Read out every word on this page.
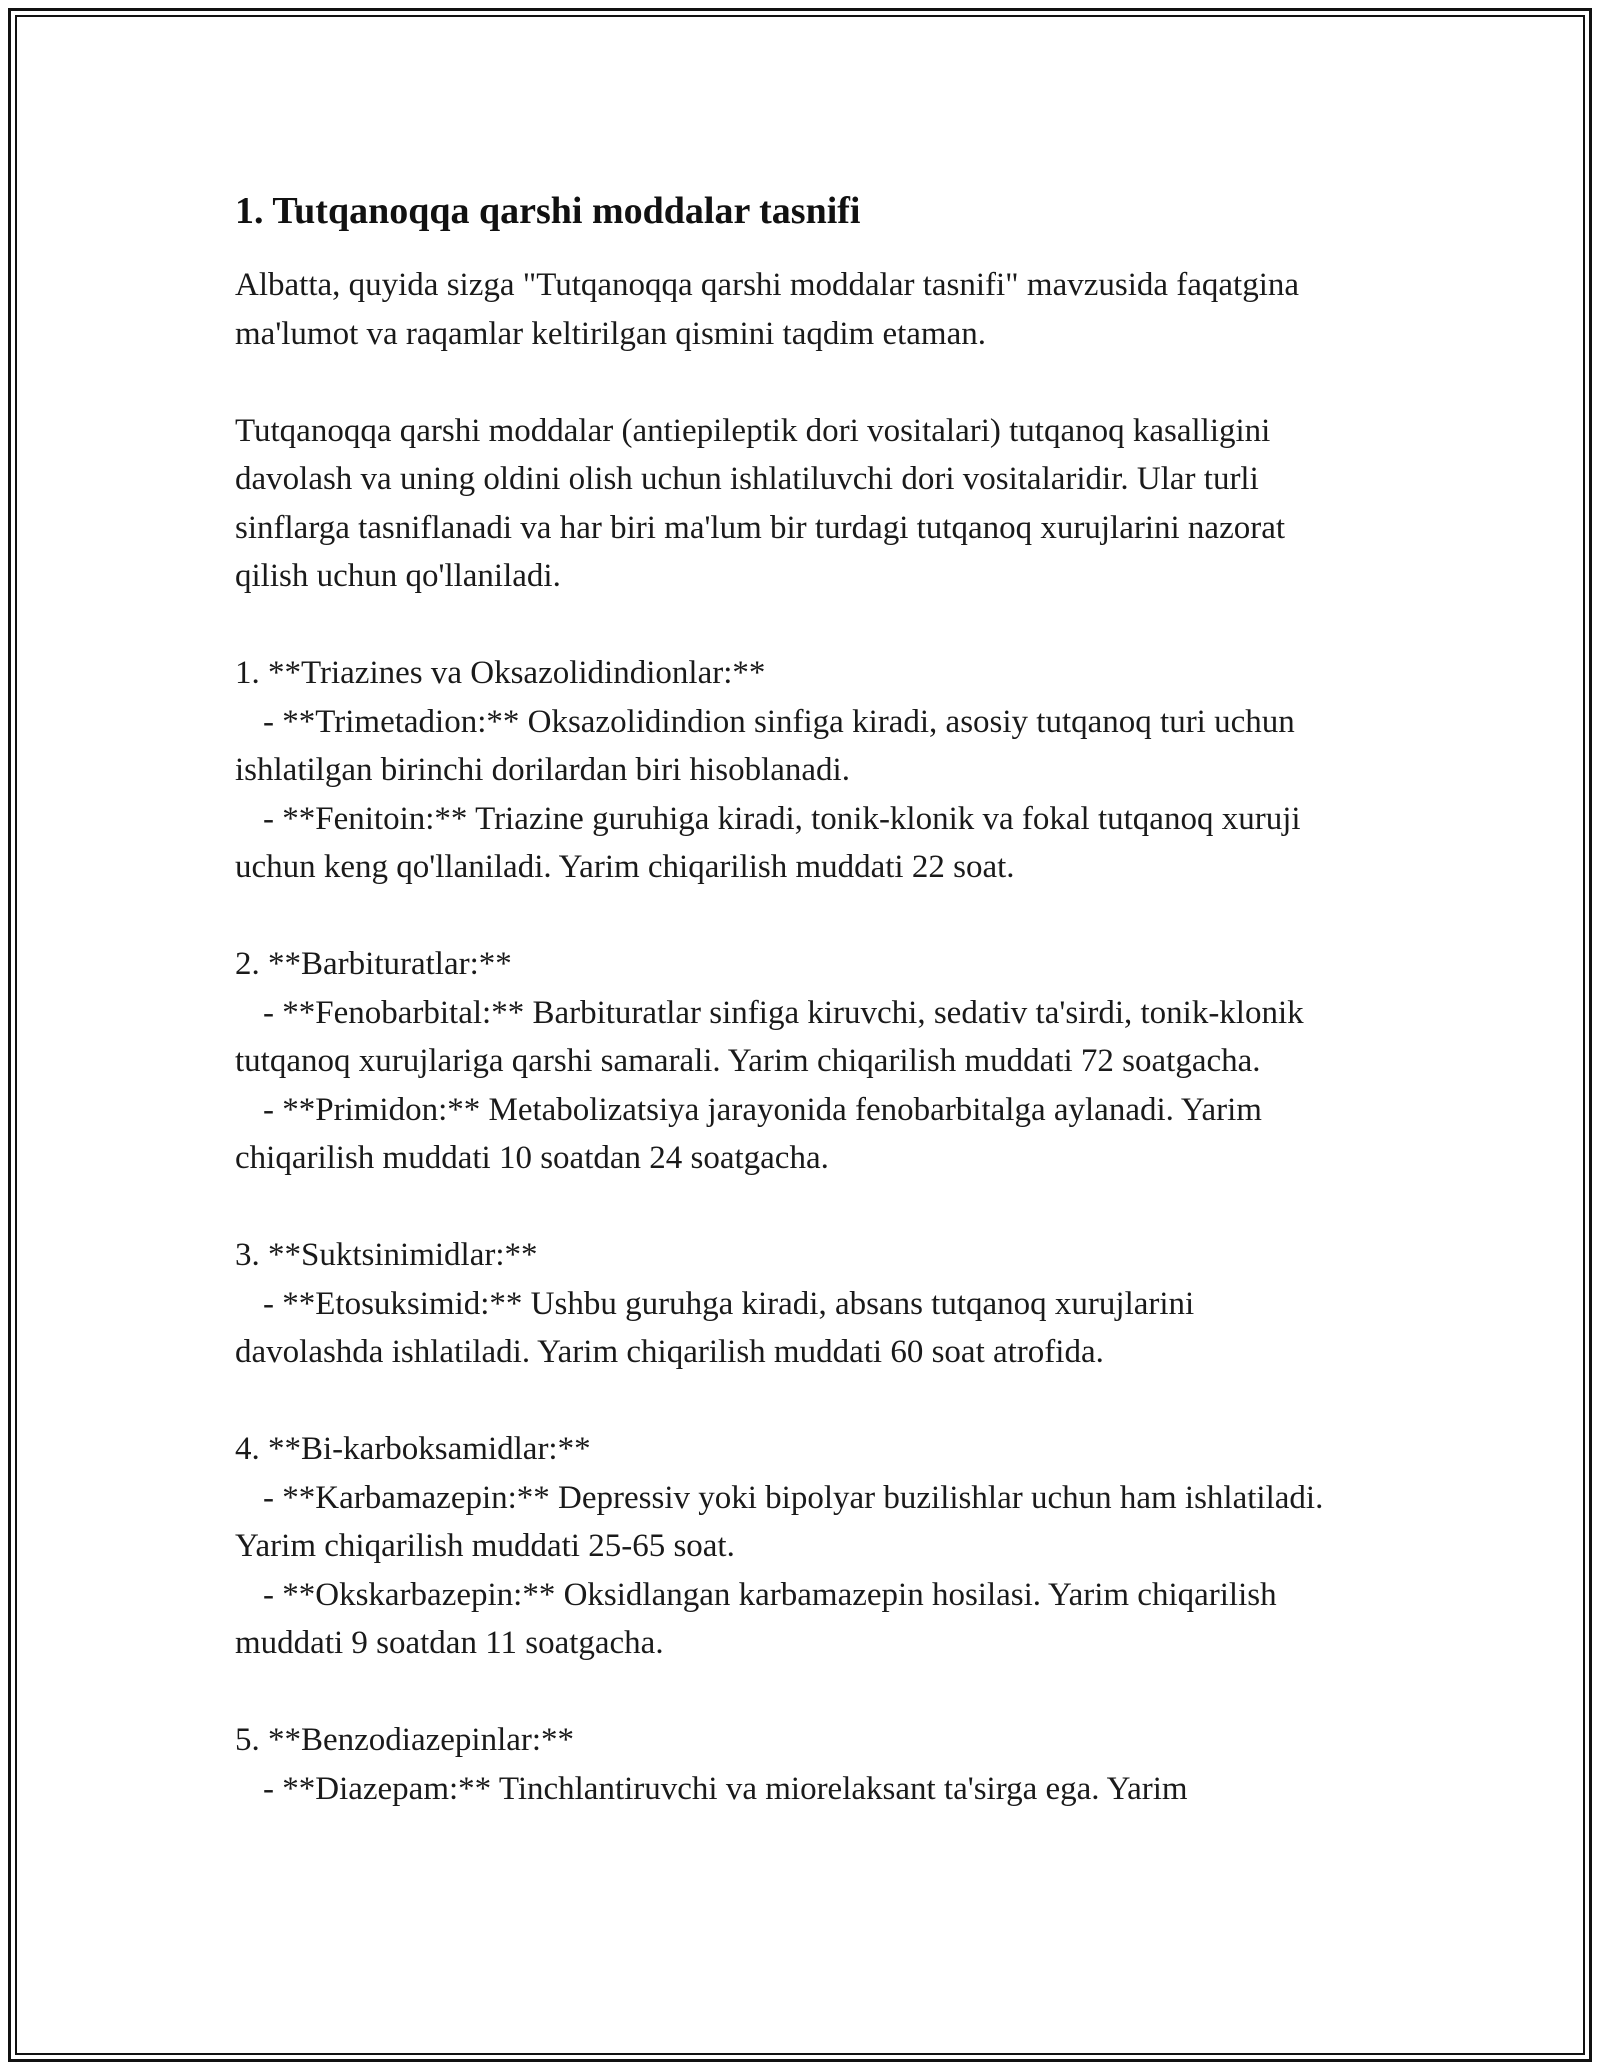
1. Tutqanoqqa qarshi moddalar tasnifi

Albatta, quyida sizga "Tutqanoqqa qarshi moddalar tasnifi" mavzusida faqatgina ma'lumot va raqamlar keltirilgan qismini taqdim etaman.

Tutqanoqqa qarshi moddalar (antiepileptik dori vositalari) tutqanoq kasalligini davolash va uning oldini olish uchun ishlatiluvchi dori vositalaridir. Ular turli sinflarga tasniflanadi va har biri ma'lum bir turdagi tutqanoq xurujlarini nazorat qilish uchun qo'llaniladi.

1. **Triazines va Oksazolidindionlar:**
- **Trimetadion:** Oksazolidindion sinfiga kiradi, asosiy tutqanoq turi uchun ishlatilgan birinchi dorilardan biri hisoblanadi.
- **Fenitoin:** Triazine guruhiga kiradi, tonik-klonik va fokal tutqanoq xuruji uchun keng qo'llaniladi. Yarim chiqarilish muddati 22 soat.
2. **Barbituratlar:**
- **Fenobarbital:** Barbituratlar sinfiga kiruvchi, sedativ ta'sirdi, tonik-klonik tutqanoq xurujlariga qarshi samarali. Yarim chiqarilish muddati 72 soatgacha.
- **Primidon:** Metabolizatsiya jarayonida fenobarbitalga aylanadi. Yarim chiqarilish muddati 10 soatdan 24 soatgacha.
3. **Suktsinimidlar:**
- **Etosuksimid:** Ushbu guruhga kiradi, absans tutqanoq xurujlarini davolashda ishlatiladi. Yarim chiqarilish muddati 60 soat atrofida.
4. **Bi-karboksamidlar:**
- **Karbamazepin:** Depressiv yoki bipolyar buzilishlar uchun ham ishlatiladi. Yarim chiqarilish muddati 25-65 soat.
- **Okskarbazepin:** Oksidlangan karbamazepin hosilasi. Yarim chiqarilish muddati 9 soatdan 11 soatgacha.
5. **Benzodiazepinlar:**
- **Diazepam:** Tinchlantiruvchi va miorelaksant ta'sirga ega. Yarim
